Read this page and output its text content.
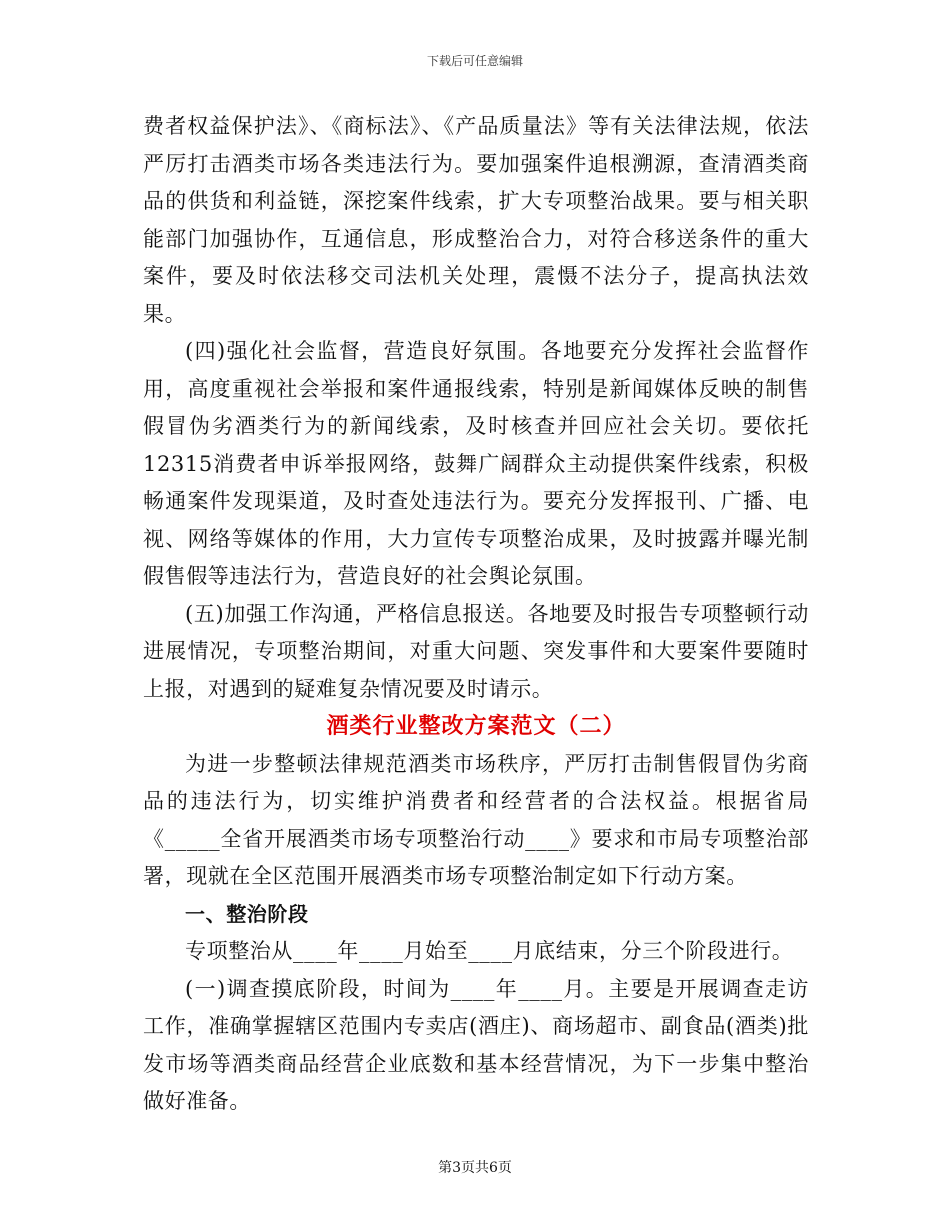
下载后可任意编辑

费者权益保护法》、《商标法》、《产品质量法》等有关法律法规，依法严厉打击酒类市场各类违法行为。要加强案件追根溯源，查清酒类商品的供货和利益链，深挖案件线索，扩大专项整治战果。要与相关职能部门加强协作，互通信息，形成整治合力，对符合移送条件的重大案件，要及时依法移交司法机关处理，震慑不法分子，提高执法效果。

(四)强化社会监督，营造良好氛围。各地要充分发挥社会监督作用，高度重视社会举报和案件通报线索，特别是新闻媒体反映的制售假冒伪劣酒类行为的新闻线索，及时核查并回应社会关切。要依托12315消费者申诉举报网络，鼓舞广阔群众主动提供案件线索，积极畅通案件发现渠道，及时查处违法行为。要充分发挥报刊、广播、电视、网络等媒体的作用，大力宣传专项整治成果，及时披露并曝光制假售假等违法行为，营造良好的社会舆论氛围。

(五)加强工作沟通，严格信息报送。各地要及时报告专项整顿行动进展情况，专项整治期间，对重大问题、突发事件和大要案件要随时上报，对遇到的疑难复杂情况要及时请示。

酒类行业整改方案范文（二）

为进一步整顿法律规范酒类市场秩序，严厉打击制售假冒伪劣商品的违法行为，切实维护消费者和经营者的合法权益。根据省局《_____全省开展酒类市场专项整治行动____》要求和市局专项整治部署，现就在全区范围开展酒类市场专项整治制定如下行动方案。

一、整治阶段

专项整治从____年____月始至____月底结束，分三个阶段进行。

(一)调查摸底阶段，时间为____年____月。主要是开展调查走访工作，准确掌握辖区范围内专卖店(酒庄)、商场超市、副食品(酒类)批发市场等酒类商品经营企业底数和基本经营情况，为下一步集中整治做好准备。

第3页共6页
